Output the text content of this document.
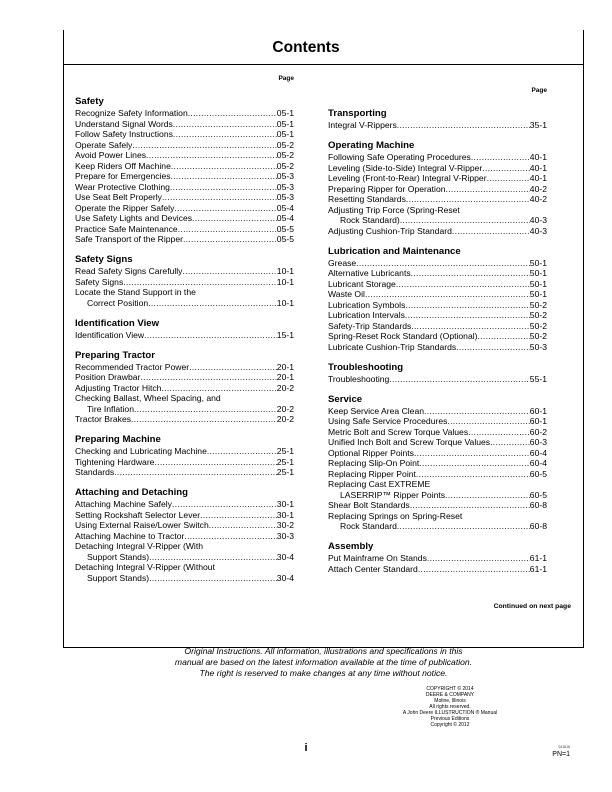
Contents
Page
Safety
Recognize Safety Information .....	05-1
Understand Signal Words .....	05-1
Follow Safety Instructions .....	05-1
Operate Safely .....	05-2
Avoid Power Lines .....	05-2
Keep Riders Off Machine .....	05-2
Prepare for Emergencies .....	05-3
Wear Protective Clothing .....	05-3
Use Seat Belt Properly .....	05-3
Operate the Ripper Safely .....	05-4
Use Safety Lights and Devices .....	05-4
Practice Safe Maintenance .....	05-5
Safe Transport of the Ripper .....	05-5
Safety Signs
Read Safety Signs Carefully .....	10-1
Safety Signs .....	10-1
Locate the Stand Support in the
Correct Position .....	10-1
Identification View
Identification View .....	15-1
Preparing Tractor
Recommended Tractor Power .....	20-1
Position Drawbar .....	20-1
Adjusting Tractor Hitch .....	20-2
Checking Ballast, Wheel Spacing, and
Tire Inflation .....	20-2
Tractor Brakes .....	20-2
Preparing Machine
Checking and Lubricating Machine .....	25-1
Tightening Hardware .....	25-1
Standards .....	25-1
Attaching and Detaching
Attaching Machine Safely .....	30-1
Setting Rockshaft Selector Lever .....	30-1
Using External Raise/Lower Switch .....	30-2
Attaching Machine to Tractor .....	30-3
Detaching Integral V-Ripper (With
Support Stands) .....	30-4
Detaching Integral V-Ripper (Without
Support Stands) .....	30-4
Page
Transporting
Integral V-Rippers .....	35-1
Operating Machine
Following Safe Operating Procedures .....	40-1
Leveling (Side-to-Side) Integral V-Ripper .....	40-1
Leveling (Front-to-Rear) Integral V-Ripper .....	40-1
Preparing Ripper for Operation .....	40-2
Resetting Standards .....	40-2
Adjusting Trip Force (Spring-Reset
Rock Standard) .....	40-3
Adjusting Cushion-Trip Standard .....	40-3
Lubrication and Maintenance
Grease .....	50-1
Alternative Lubricants .....	50-1
Lubricant Storage .....	50-1
Waste Oil .....	50-1
Lubrication Symbols .....	50-2
Lubrication Intervals .....	50-2
Safety-Trip Standards .....	50-2
Spring-Reset Rock Standard (Optional) .....	50-2
Lubricate Cushion-Trip Standards .....	50-3
Troubleshooting
Troubleshooting .....	55-1
Service
Keep Service Area Clean .....	60-1
Using Safe Service Procedures .....	60-1
Metric Bolt and Screw Torque Values .....	60-2
Unified Inch Bolt and Screw Torque Values .....	60-3
Optional Ripper Points .....	60-4
Replacing Slip-On Point .....	60-4
Replacing Ripper Point .....	60-5
Replacing Cast EXTREME
LASERRIP™ Ripper Points .....	60-5
Shear Bolt Standards .....	60-8
Replacing Springs on Spring-Reset
Rock Standard .....	60-8
Assembly
Put Mainframe On Stands .....	61-1
Attach Center Standard .....	61-1
Continued on next page
Original Instructions. All information, illustrations and specifications in this
manual are based on the latest information available at the time of publication.
The right is reserved to make changes at any time without notice.
COPYRIGHT © 2014
DEERE & COMPANY
Moline, Illinois
All rights reserved.
A John Deere ILLUSTRUCTION ® Manual
Previous Editions
Copyright © 2012
i	041816
PN=1
